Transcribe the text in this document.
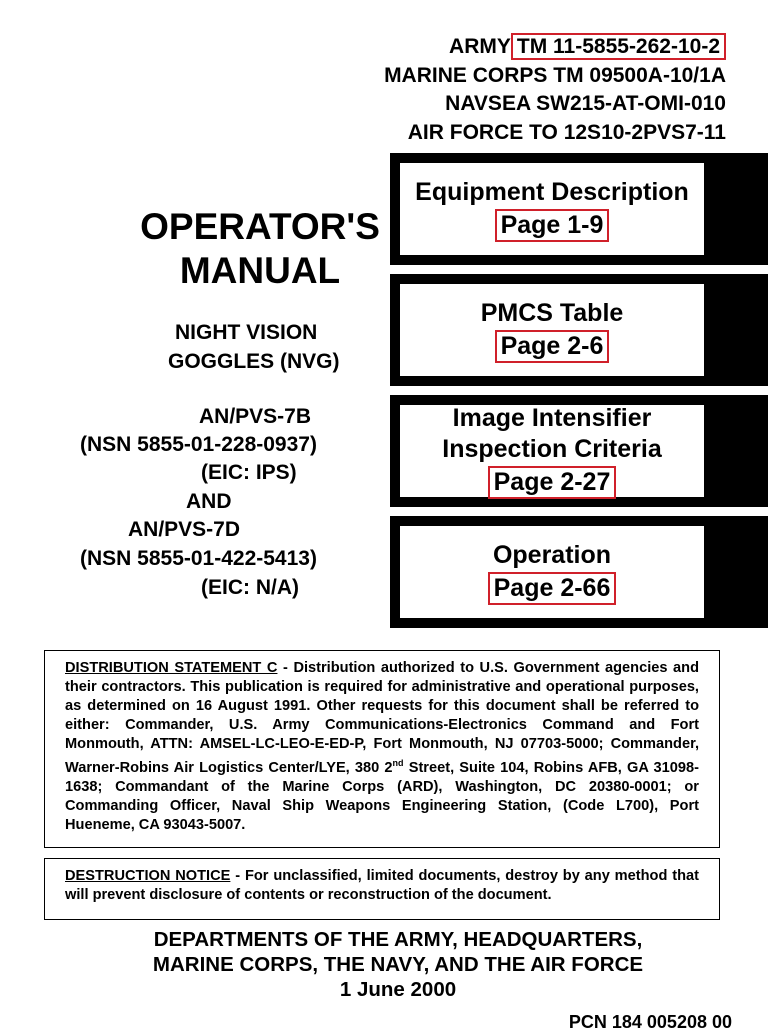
ARMY TM 11-5855-262-10-2
MARINE CORPS TM 09500A-10/1A
NAVSEA SW215-AT-OMI-010
AIR FORCE TO 12S10-2PVS7-11
OPERATOR'S
MANUAL
NIGHT VISION
GOGGLES (NVG)
AN/PVS-7B
(NSN 5855-01-228-0937)
(EIC: IPS)
AND
AN/PVS-7D
(NSN 5855-01-422-5413)
(EIC: N/A)
Equipment Description
Page 1-9
PMCS Table
Page 2-6
Image Intensifier
Inspection Criteria
Page 2-27
Operation
Page 2-66
DISTRIBUTION STATEMENT C - Distribution authorized to U.S. Government agencies and their contractors. This publication is required for administrative and operational purposes, as determined on 16 August 1991. Other requests for this document shall be referred to either: Commander, U.S. Army Communications-Electronics Command and Fort Monmouth, ATTN: AMSEL-LC-LEO-E-ED-P, Fort Monmouth, NJ 07703-5000; Commander, Warner-Robins Air Logistics Center/LYE, 380 2nd Street, Suite 104, Robins AFB, GA 31098-1638; Commandant of the Marine Corps (ARD), Washington, DC 20380-0001; or Commanding Officer, Naval Ship Weapons Engineering Station, (Code L700), Port Hueneme, CA 93043-5007.
DESTRUCTION NOTICE - For unclassified, limited documents, destroy by any method that will prevent disclosure of contents or reconstruction of the document.
DEPARTMENTS OF THE ARMY, HEADQUARTERS,
MARINE CORPS, THE NAVY, AND THE AIR FORCE
1 June 2000
PCN 184 005208 00
